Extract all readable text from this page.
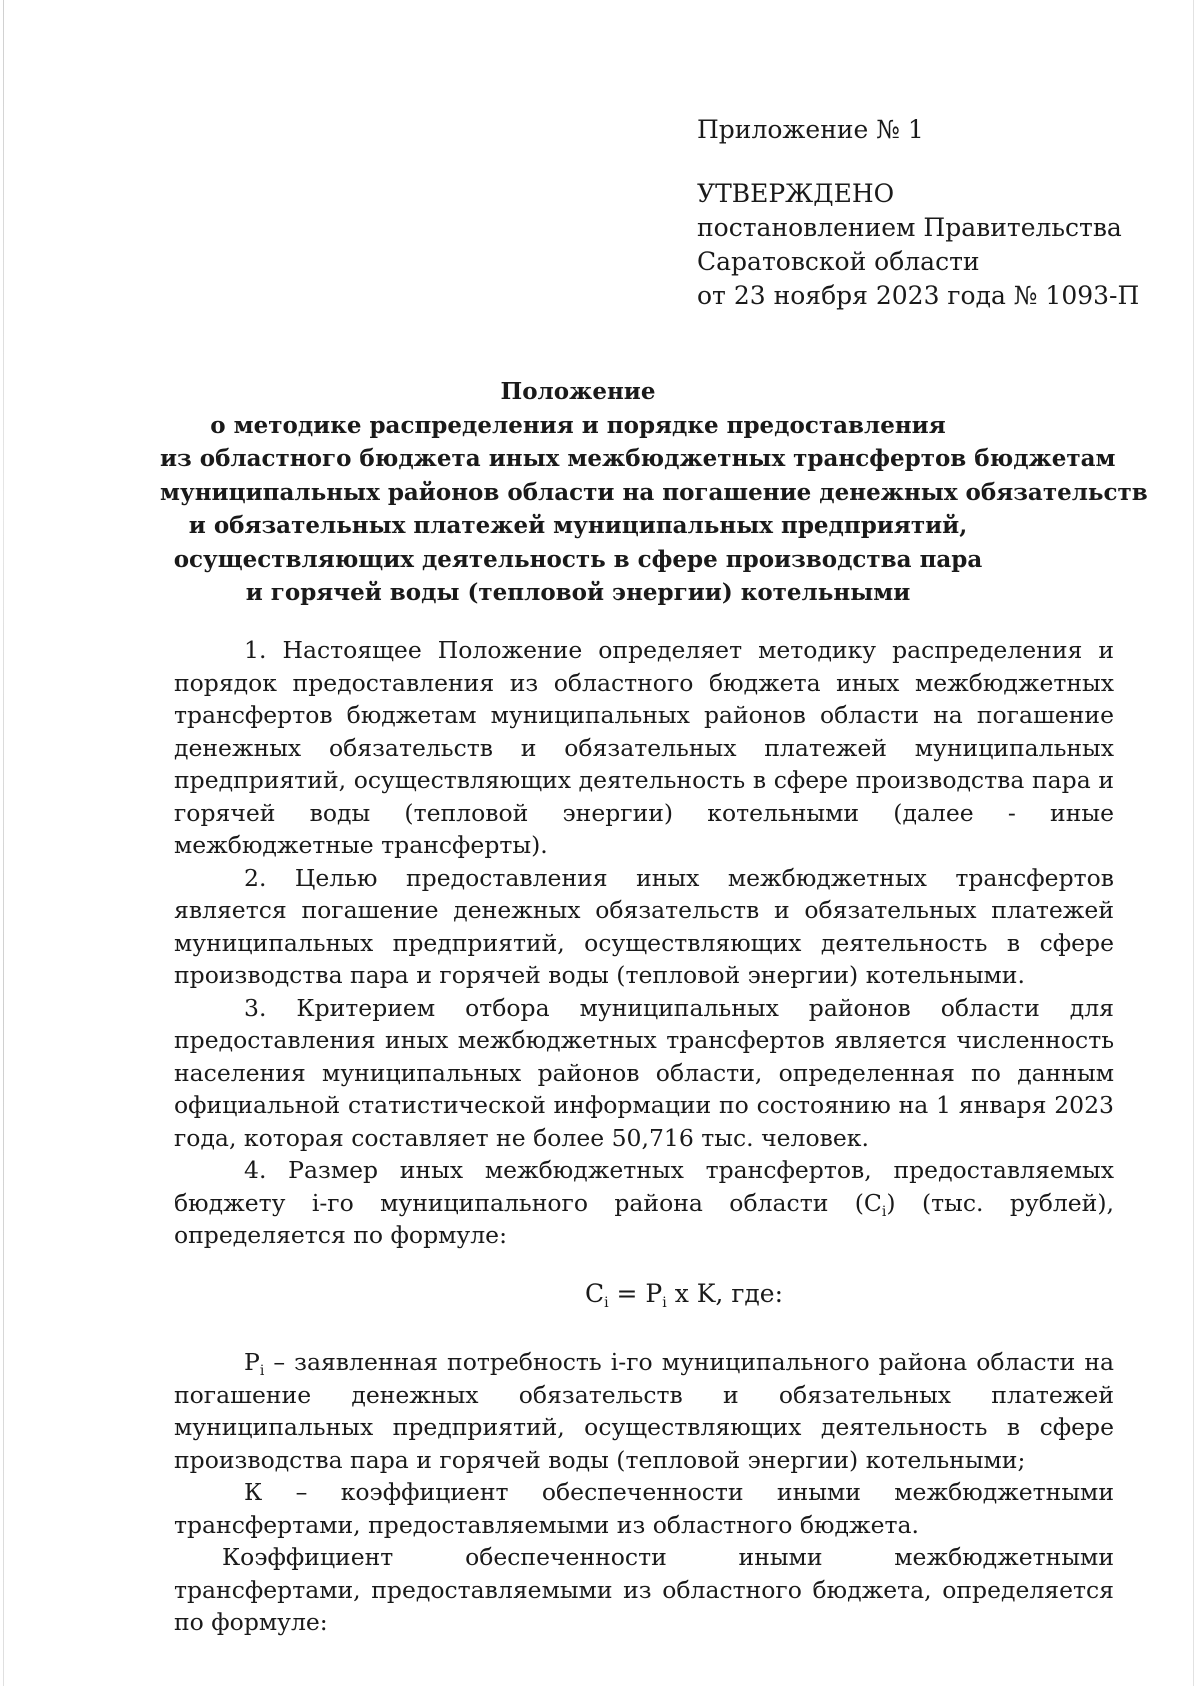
Приложение № 1
УТВЕРЖДЕНО
постановлением Правительства
Саратовской области
от 23 ноября 2023 года № 1093-П
Положение
о методике распределения и порядке предоставления
из областного бюджета иных межбюджетных трансфертов бюджетам
муниципальных районов области на погашение денежных обязательств
и обязательных платежей муниципальных предприятий,
осуществляющих деятельность в сфере производства пара
и горячей воды (тепловой энергии) котельными

1. Настоящее Положение определяет методику распределения и порядок предоставления из областного бюджета иных межбюджетных трансфертов бюджетам муниципальных районов области на погашение денежных обязательств и обязательных платежей муниципальных предприятий, осуществляющих деятельность в сфере производства пара и горячей воды (тепловой энергии) котельными (далее - иные межбюджетные трансферты).

2. Целью предоставления иных межбюджетных трансфертов является погашение денежных обязательств и обязательных платежей муниципальных предприятий, осуществляющих деятельность в сфере производства пара и горячей воды (тепловой энергии) котельными.

3. Критерием отбора муниципальных районов области для предоставления иных межбюджетных трансфертов является численность населения муниципальных районов области, определенная по данным официальной статистической информации по состоянию на 1 января 2023 года, которая составляет не более 50,716 тыс. человек.

4. Размер иных межбюджетных трансфертов, предоставляемых бюджету i-го муниципального района области $(C_i)$ (тыс. рублей), определяется по формуле:

$C_i = P_i$ x K, где:

$P_i$ – заявленная потребность i-го муниципального района области на погашение денежных обязательств и обязательных платежей муниципальных предприятий, осуществляющих деятельность в сфере производства пара и горячей воды (тепловой энергии) котельными;

К – коэффициент обеспеченности иными межбюджетными трансфертами, предоставляемыми из областного бюджета.

Коэффициент обеспеченности иными межбюджетными трансфертами, предоставляемыми из областного бюджета, определяется по формуле:
